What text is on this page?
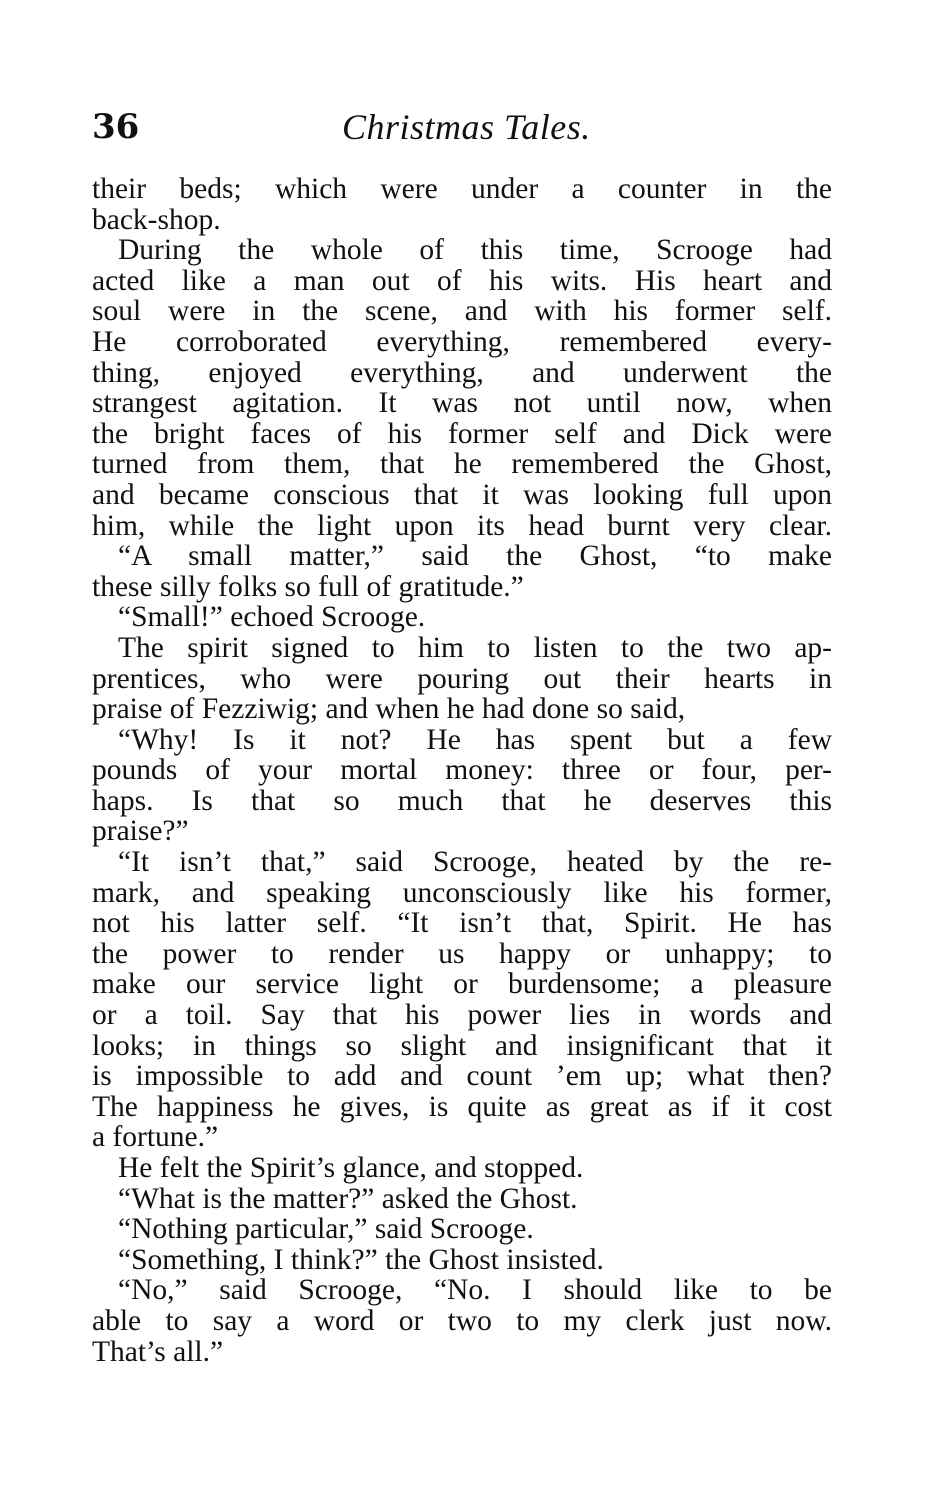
36	Christmas Tales.
their beds; which were under a counter in the
back-shop.
During the whole of this time, Scrooge had
acted like a man out of his wits. His heart and
soul were in the scene, and with his former self.
He corroborated everything, remembered every-
thing, enjoyed everything, and underwent the
strangest agitation. It was not until now, when
the bright faces of his former self and Dick were
turned from them, that he remembered the Ghost,
and became conscious that it was looking full upon
him, while the light upon its head burnt very clear.
“A small matter,” said the Ghost, “to make
these silly folks so full of gratitude.”
“Small!” echoed Scrooge.
The spirit signed to him to listen to the two ap-
prentices, who were pouring out their hearts in
praise of Fezziwig; and when he had done so said,
“Why! Is it not? He has spent but a few
pounds of your mortal money: three or four, per-
haps. Is that so much that he deserves this
praise?”
“It isn’t that,” said Scrooge, heated by the re-
mark, and speaking unconsciously like his former,
not his latter self. “It isn’t that, Spirit. He has
the power to render us happy or unhappy; to
make our service light or burdensome; a pleasure
or a toil. Say that his power lies in words and
looks; in things so slight and insignificant that it
is impossible to add and count ’em up; what then?
The happiness he gives, is quite as great as if it cost
a fortune.”
He felt the Spirit’s glance, and stopped.
“What is the matter?” asked the Ghost.
“Nothing particular,” said Scrooge.
“Something, I think?” the Ghost insisted.
“No,” said Scrooge, “No. I should like to be
able to say a word or two to my clerk just now.
That’s all.”
